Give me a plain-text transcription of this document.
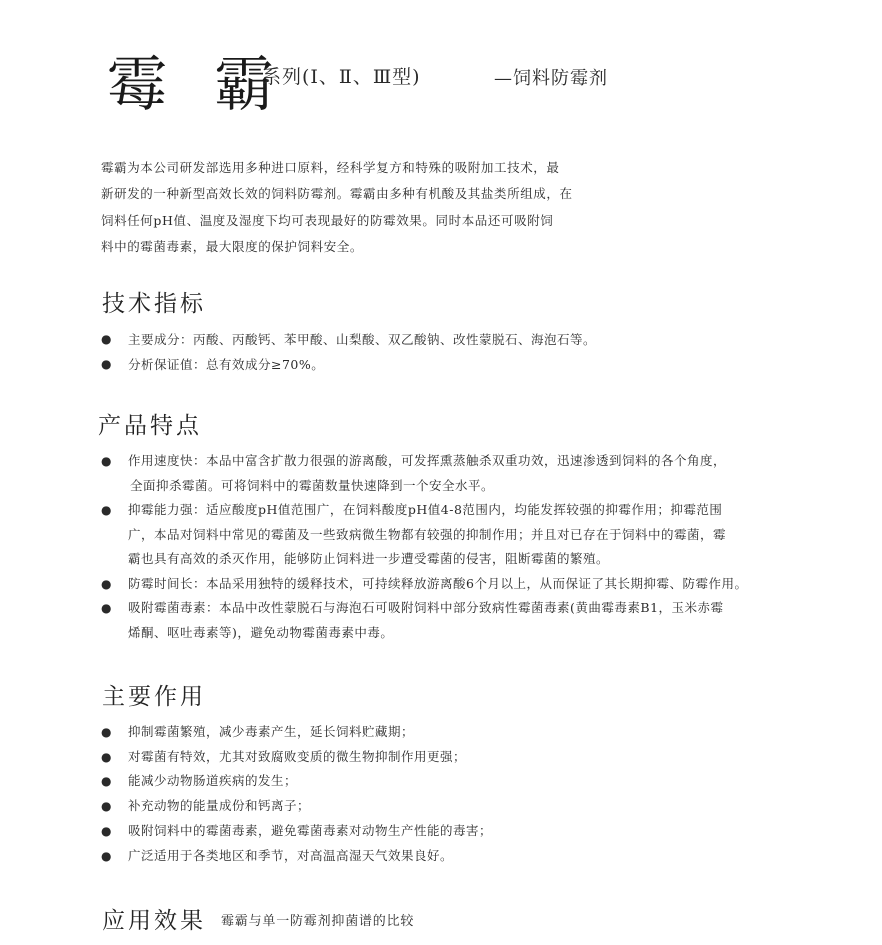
霉 霸
系列(Ⅰ、Ⅱ、Ⅲ型)	—饲料防霉剂
霉霸为本公司研发部选用多种进口原料，经科学复方和特殊的吸附加工技术，最
新研发的一种新型高效长效的饲料防霉剂。霉霸由多种有机酸及其盐类所组成，在
饲料任何pH值、温度及湿度下均可表现最好的防霉效果。同时本品还可吸附饲
料中的霉菌毒素，最大限度的保护饲料安全。
技术指标
● 主要成分：丙酸、丙酸钙、苯甲酸、山梨酸、双乙酸钠、改性蒙脱石、海泡石等。
● 分析保证值：总有效成分≥70%。
产品特点
● 作用速度快：本品中富含扩散力很强的游离酸，可发挥熏蒸触杀双重功效，迅速渗透到饲料的各个角度，
全面抑杀霉菌。可将饲料中的霉菌数量快速降到一个安全水平。
● 抑霉能力强：适应酸度pH值范围广，在饲料酸度pH值4-8范围内，均能发挥较强的抑霉作用；抑霉范围
广，本品对饲料中常见的霉菌及一些致病微生物都有较强的抑制作用；并且对已存在于饲料中的霉菌，霉
霸也具有高效的杀灭作用，能够防止饲料进一步遭受霉菌的侵害，阻断霉菌的繁殖。
● 防霉时间长：本品采用独特的缓释技术，可持续释放游离酸6个月以上，从而保证了其长期抑霉、防霉作用。
● 吸附霉菌毒素：本品中改性蒙脱石与海泡石可吸附饲料中部分致病性霉菌毒素(黄曲霉毒素B1，玉米赤霉
烯酮、呕吐毒素等)，避免动物霉菌毒素中毒。
主要作用
● 抑制霉菌繁殖，减少毒素产生，延长饲料贮藏期；
● 对霉菌有特效，尤其对致腐败变质的微生物抑制作用更强；
● 能减少动物肠道疾病的发生；
● 补充动物的能量成份和钙离子；
● 吸附饲料中的霉菌毒素，避免霉菌毒素对动物生产性能的毒害；
● 广泛适用于各类地区和季节，对高温高湿天气效果良好。
应用效果 霉霸与单一防霉剂抑菌谱的比较
